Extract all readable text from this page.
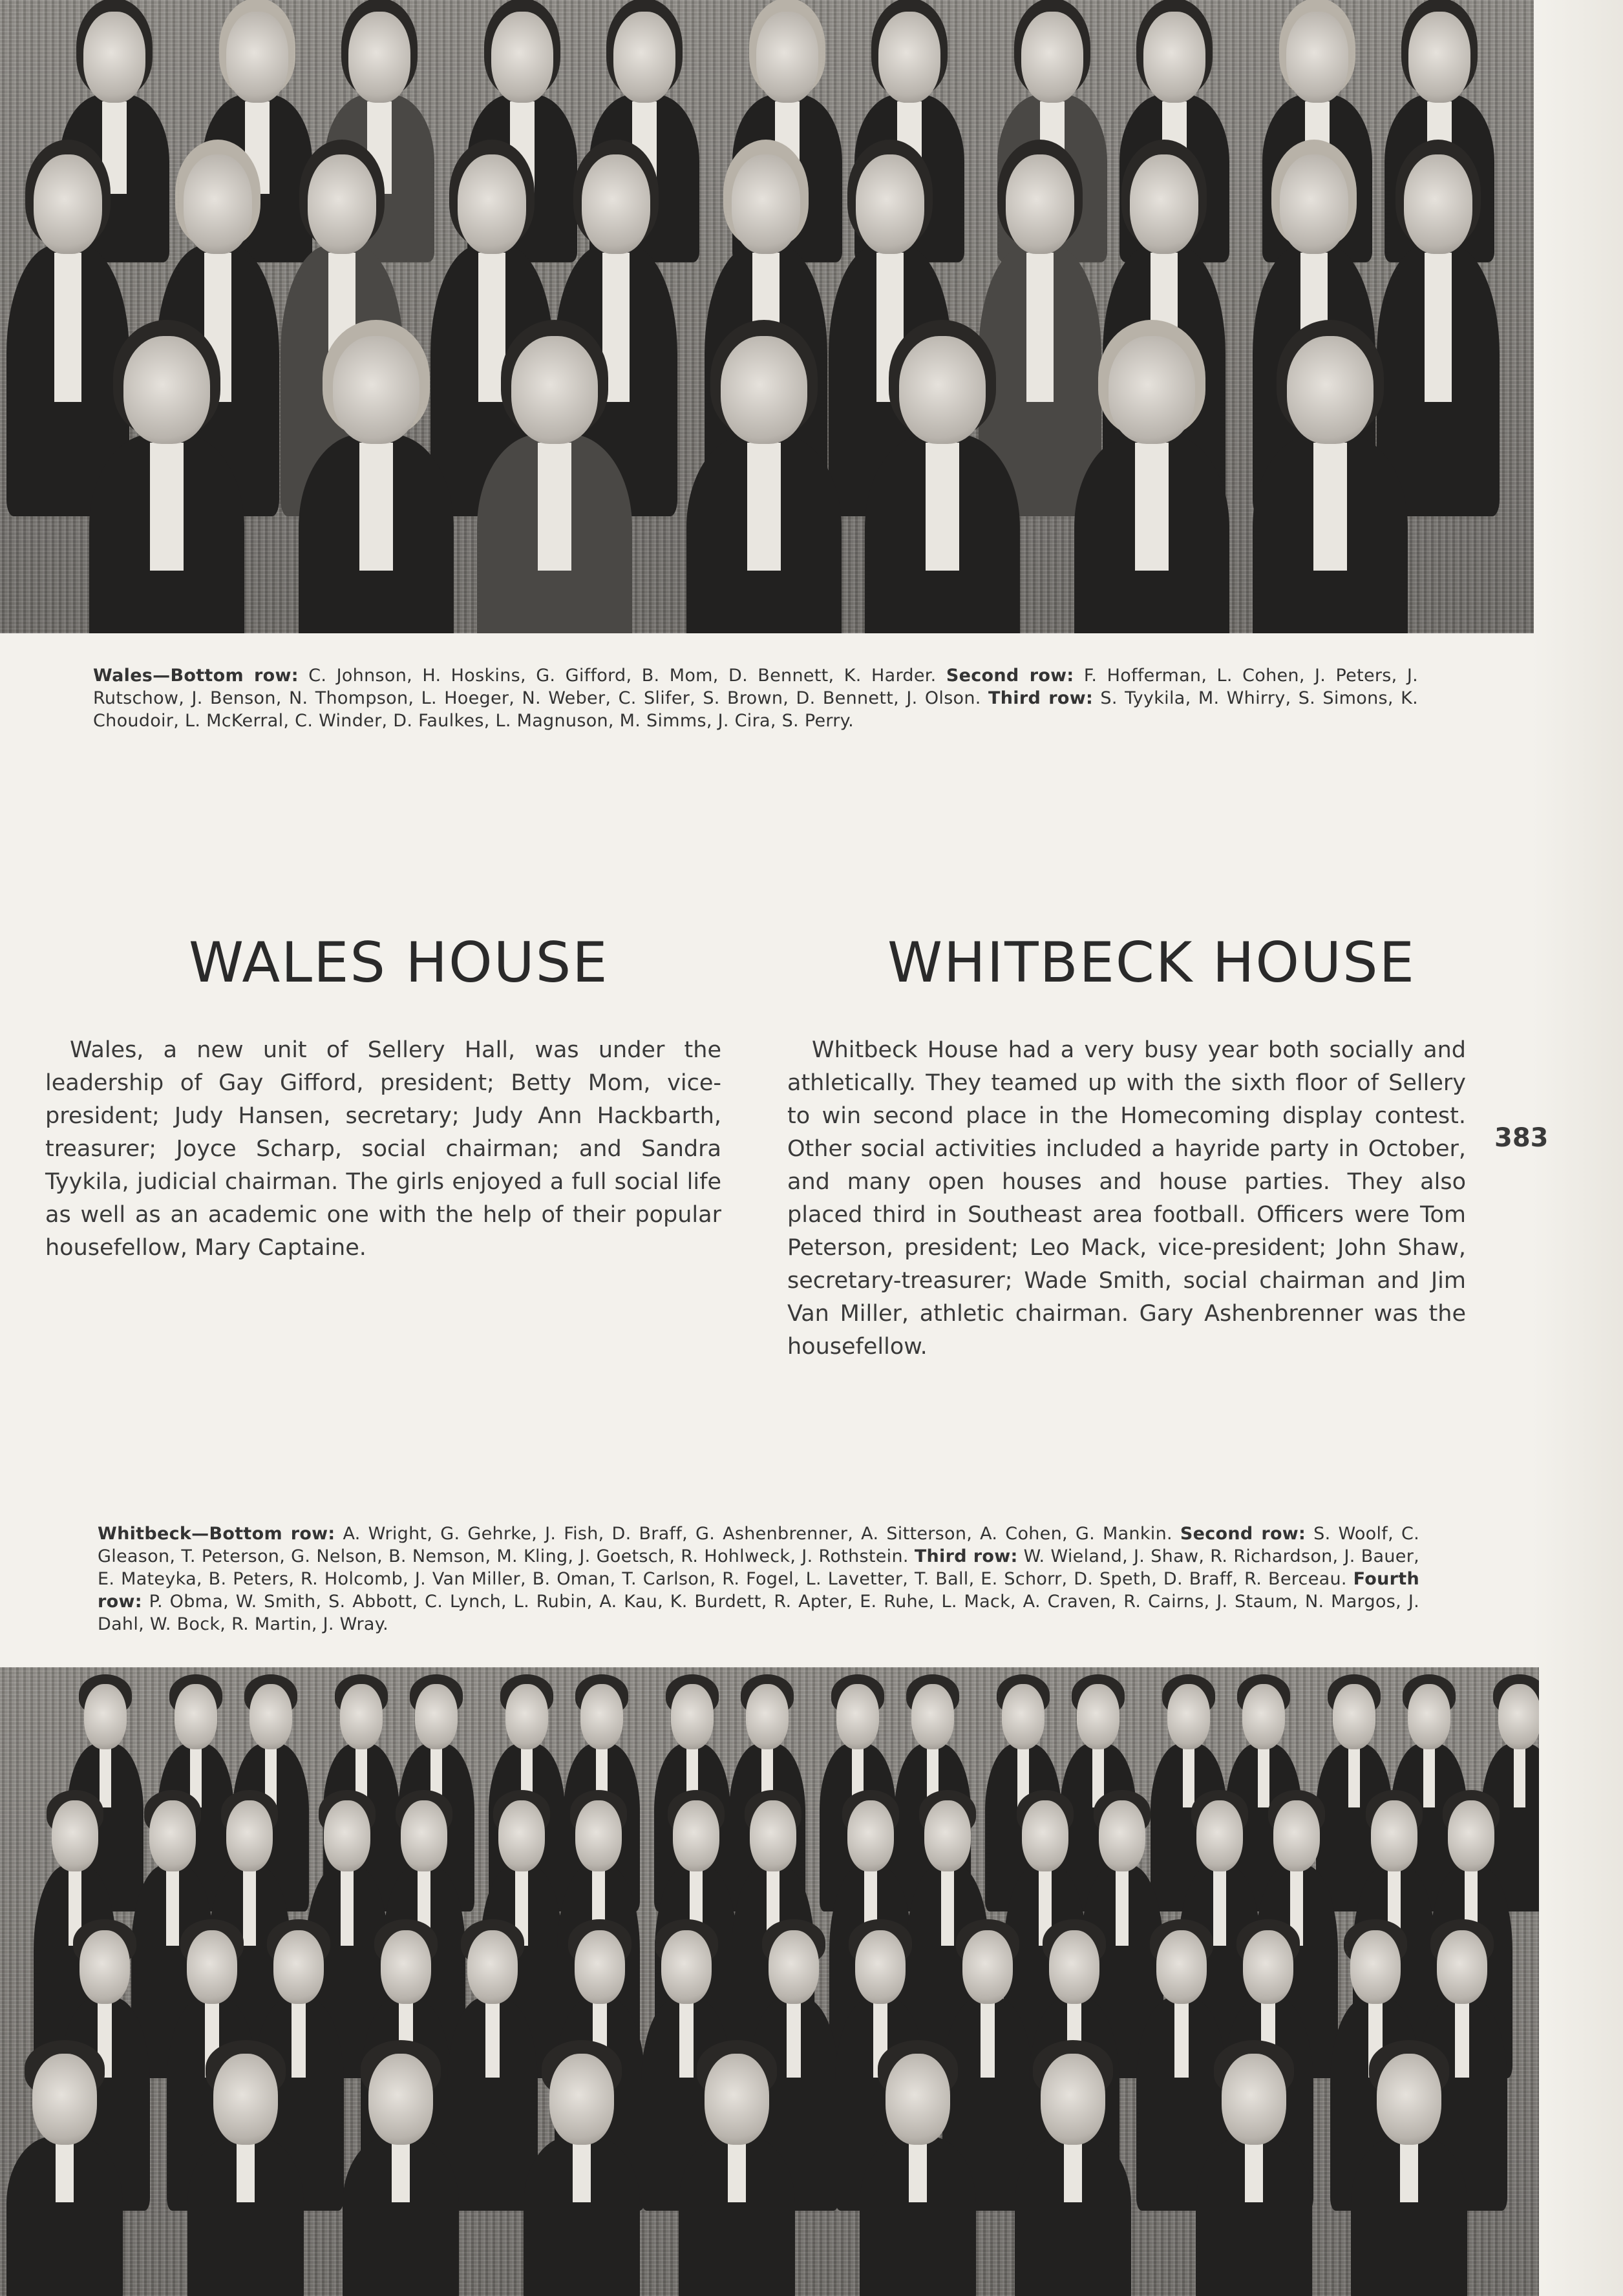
Wales—Bottom row: C. Johnson, H. Hoskins, G. Gifford, B. Mom, D. Bennett, K. Harder. Second row: F. Hofferman, L. Cohen, J. Peters, J. Rutschow, J. Benson, N. Thompson, L. Hoeger, N. Weber, C. Slifer, S. Brown, D. Bennett, J. Olson. Third row: S. Tyykila, M. Whirry, S. Simons, K. Choudoir, L. McKerral, C. Winder, D. Faulkes, L. Magnuson, M. Simms, J. Cira, S. Perry.

WALES HOUSE	WHITBECK HOUSE

Wales, a new unit of Sellery Hall, was under the leadership of Gay Gifford, president; Betty Mom, vice-president; Judy Hansen, secretary; Judy Ann Hackbarth, treasurer; Joyce Scharp, social chairman; and Sandra Tyykila, judicial chairman. The girls enjoyed a full social life as well as an academic one with the help of their popular housefellow, Mary Captaine.

Whitbeck House had a very busy year both socially and athletically. They teamed up with the sixth floor of Sellery to win second place in the Homecoming display contest. Other social activities included a hayride party in October, and many open houses and house parties. They also placed third in Southeast area football. Officers were Tom Peterson, president; Leo Mack, vice-president; John Shaw, secretary-treasurer; Wade Smith, social chairman and Jim Van Miller, athletic chairman. Gary Ashenbrenner was the housefellow.

383

Whitbeck—Bottom row: A. Wright, G. Gehrke, J. Fish, D. Braff, G. Ashenbrenner, A. Sitterson, A. Cohen, G. Mankin. Second row: S. Woolf, C. Gleason, T. Peterson, G. Nelson, B. Nemson, M. Kling, J. Goetsch, R. Hohlweck, J. Rothstein. Third row: W. Wieland, J. Shaw, R. Richardson, J. Bauer, E. Mateyka, B. Peters, R. Holcomb, J. Van Miller, B. Oman, T. Carlson, R. Fogel, L. Lavetter, T. Ball, E. Schorr, D. Speth, D. Braff, R. Berceau. Fourth row: P. Obma, W. Smith, S. Abbott, C. Lynch, L. Rubin, A. Kau, K. Burdett, R. Apter, E. Ruhe, L. Mack, A. Craven, R. Cairns, J. Staum, N. Margos, J. Dahl, W. Bock, R. Martin, J. Wray.
